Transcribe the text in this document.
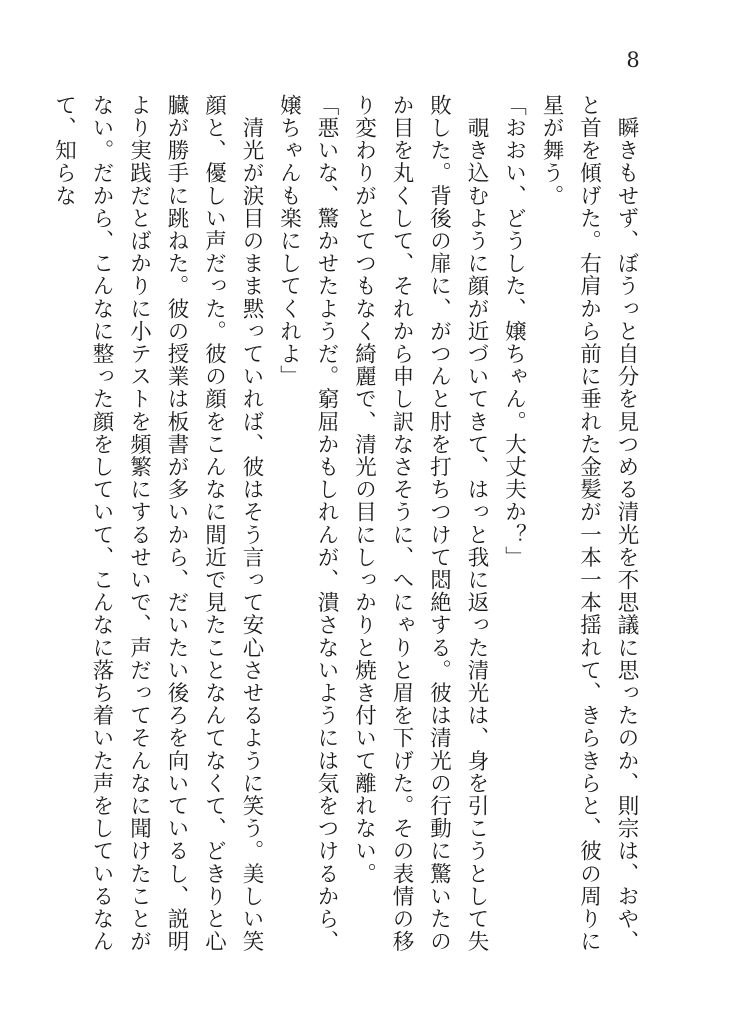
8

　瞬きもせず、ぼうっと自分を見つめる清光を不思議に思ったのか、則宗は、おや、と首を傾げた。右肩から前に垂れた金髪が一本一本揺れて、きらきらと、彼の周りに星が舞う。

「おおい、どうした、嬢ちゃん。大丈夫か？」

　覗き込むように顔が近づいてきて、はっと我に返った清光は、身を引こうとして失敗した。背後の扉に、がつんと肘を打ちつけて悶絶する。彼は清光の行動に驚いたのか目を丸くして、それから申し訳なさそうに、へにゃりと眉を下げた。その表情の移り変わりがとてつもなく綺麗で、清光の目にしっかりと焼き付いて離れない。

「悪いな、驚かせたようだ。窮屈かもしれんが、潰さないようには気をつけるから、嬢ちゃんも楽にしてくれよ」

　清光が涙目のまま黙っていれば、彼はそう言って安心させるように笑う。美しい笑顔と、優しい声だった。彼の顔をこんなに間近で見たことなんてなくて、どきりと心臓が勝手に跳ねた。彼の授業は板書が多いから、だいたい後ろを向いているし、説明より実践だとばかりに小テストを頻繁にするせいで、声だってそんなに聞けたことがない。だから、こんなに整った顔をしていて、こんなに落ち着いた声をしているなんて、知らな
